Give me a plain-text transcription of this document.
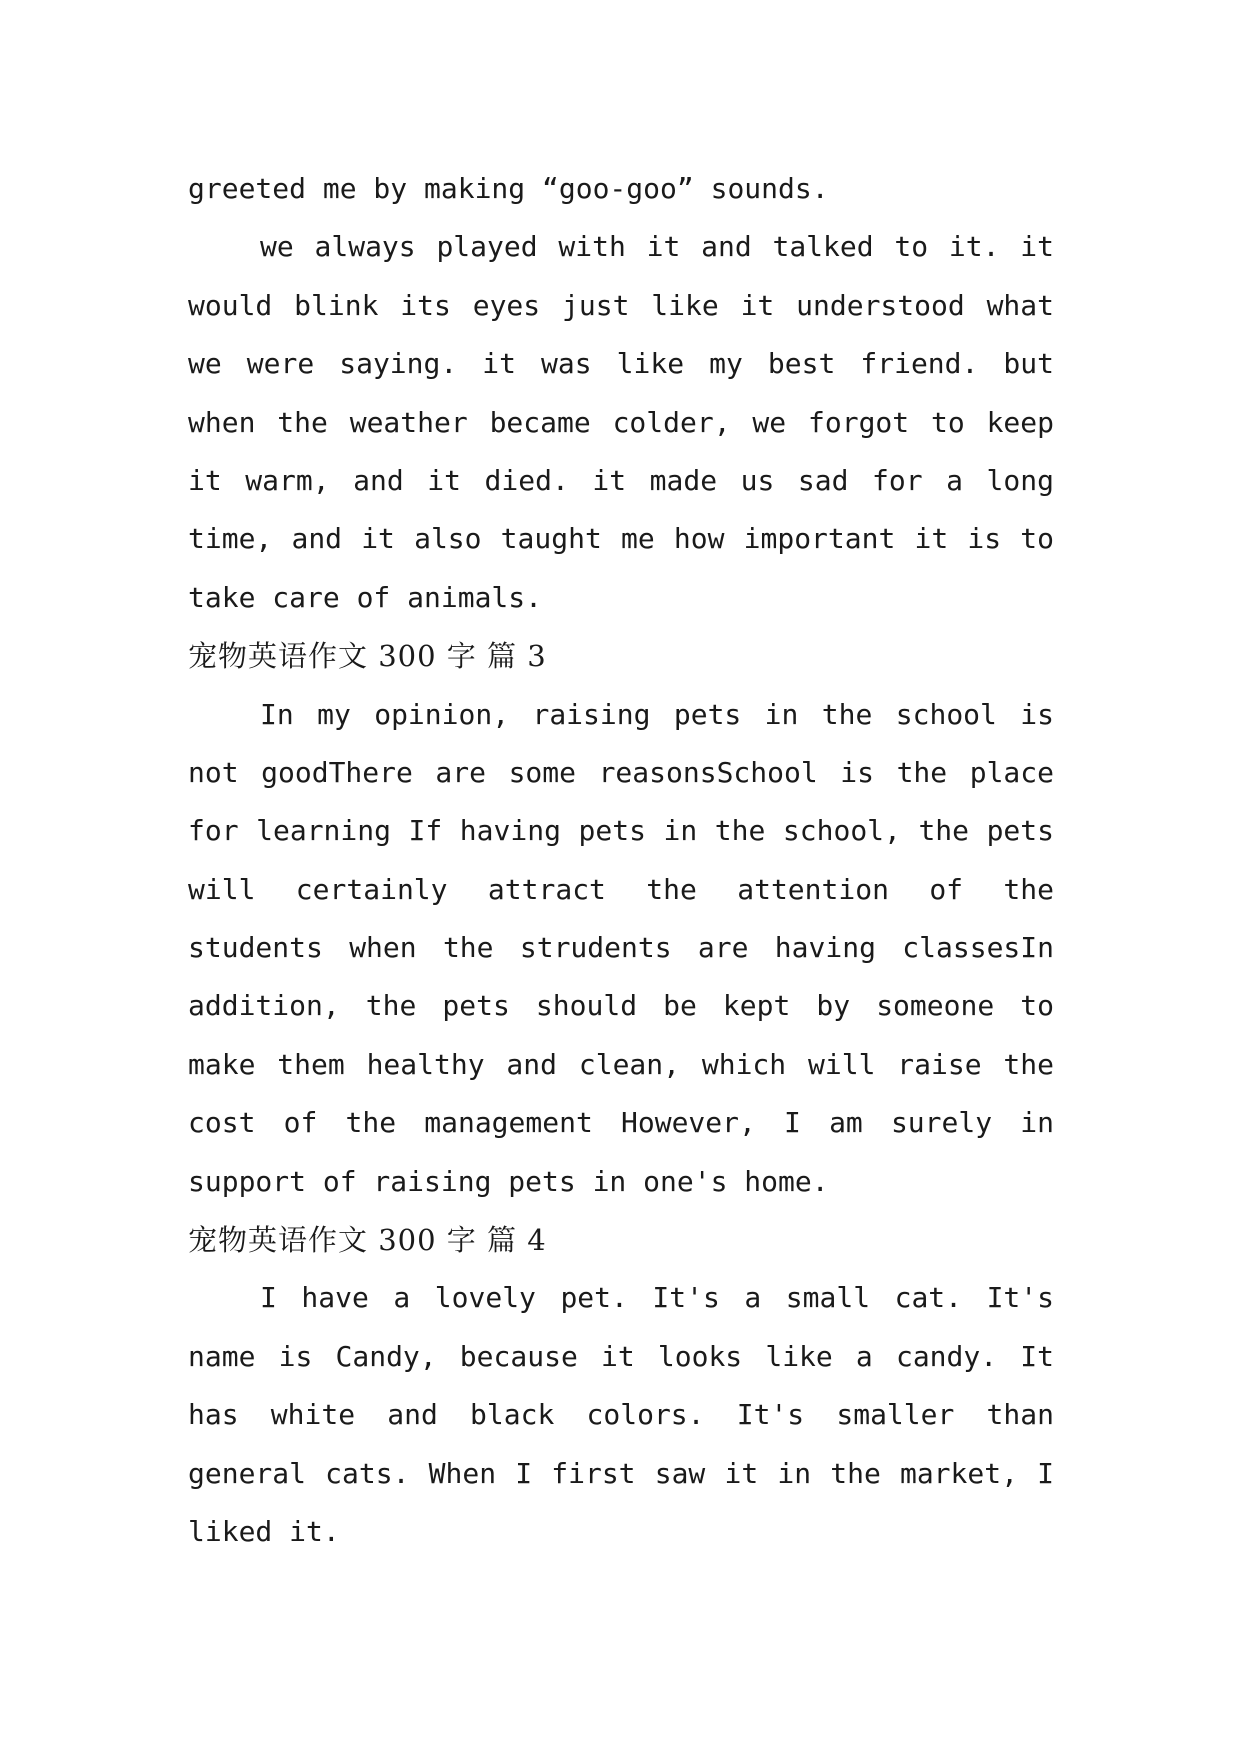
greeted me by making “goo-goo” sounds.
we always played with it and talked to it. it
would blink its eyes just like it understood what
we were saying. it was like my best friend. but
when the weather became colder, we forgot to keep
it warm, and it died. it made us sad for a long
time, and it also taught me how important it is to
take care of animals.
宠物英语作文 300 字 篇 3
In my opinion, raising pets in the school is
not goodThere are some reasonsSchool is the place
for learning If having pets in the school, the pets
will certainly attract the attention of the
students when the strudents are having classesIn
addition, the pets should be kept by someone to
make them healthy and clean, which will raise the
cost of the management However, I am surely in
support of raising pets in one's home.
宠物英语作文 300 字 篇 4
I have a lovely pet. It's a small cat. It's
name is Candy, because it looks like a candy. It
has white and black colors. It's smaller than
general cats. When I first saw it in the market, I
liked it.
